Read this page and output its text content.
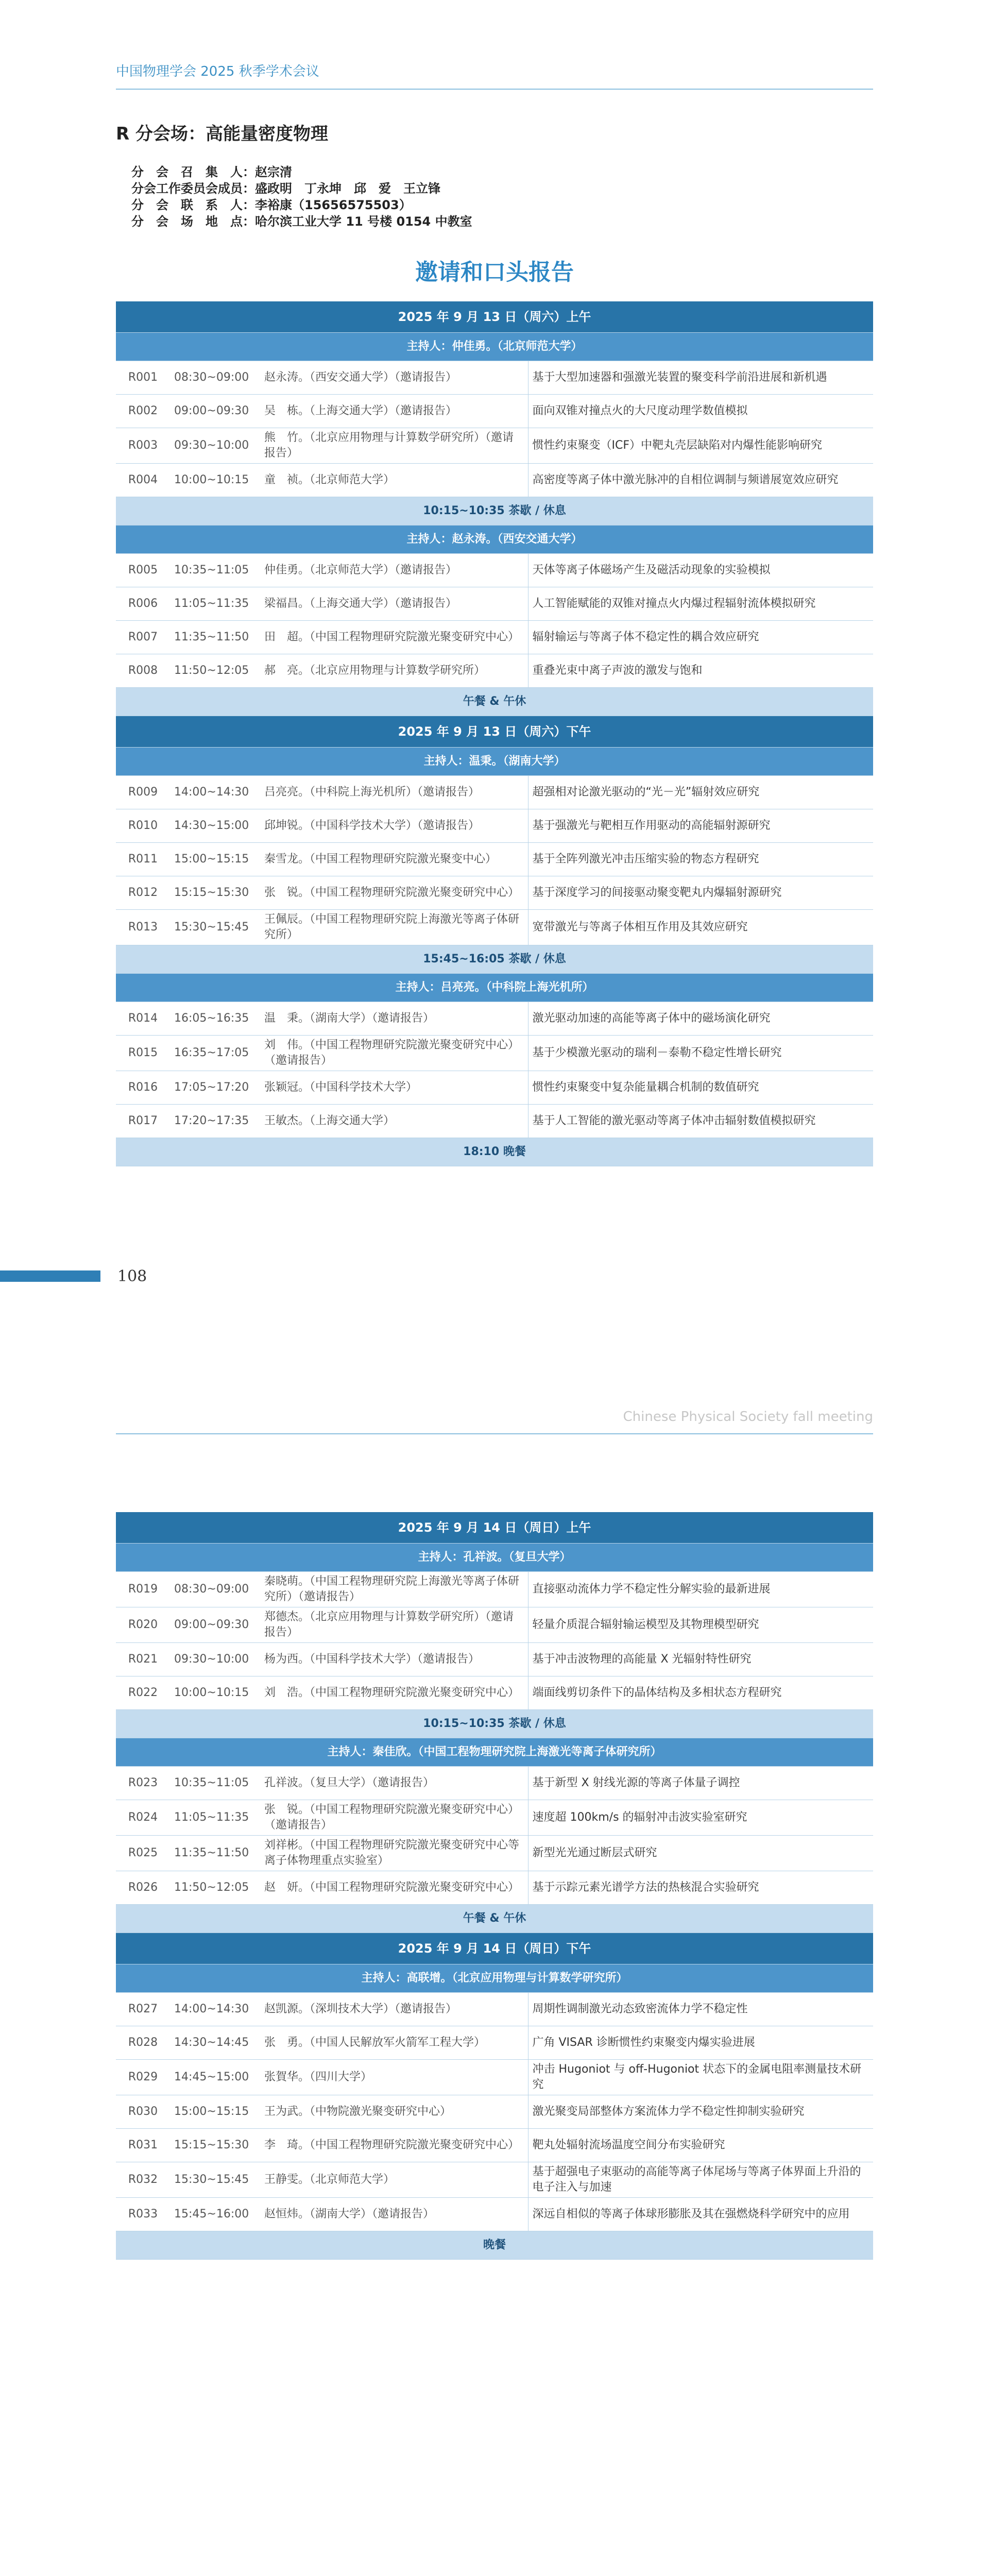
中国物理学会 2025 秋季学术会议
R 分会场：高能量密度物理
分　会　召　集　人：赵宗清
分会工作委员会成员：盛政明　丁永坤　邱　爱　王立锋
分　会　联　系　人：李裕康（15656575503）
分　会　场　地　点：哈尔滨工业大学 11 号楼 0154 中教室
邀请和口头报告
2025 年 9 月 13 日（周六）上午			
主持人：仲佳勇。（北京师范大学）			
R001	08:30~09:00	赵永涛。（西安交通大学）（邀请报告）	基于大型加速器和强激光装置的聚变科学前沿进展和新机遇
R002	09:00~09:30	吴　栋。（上海交通大学）（邀请报告）	面向双锥对撞点火的大尺度动理学数值模拟
R003	09:30~10:00	熊　竹。（北京应用物理与计算数学研究所）（邀请报告）	惯性约束聚变（ICF）中靶丸壳层缺陷对内爆性能影响研究
R004	10:00~10:15	童　祯。（北京师范大学）	高密度等离子体中激光脉冲的自相位调制与频谱展宽效应研究
10:15~10:35 茶歇 / 休息			
主持人：赵永涛。（西安交通大学）			
R005	10:35~11:05	仲佳勇。（北京师范大学）（邀请报告）	天体等离子体磁场产生及磁活动现象的实验模拟
R006	11:05~11:35	梁福昌。（上海交通大学）（邀请报告）	人工智能赋能的双锥对撞点火内爆过程辐射流体模拟研究
R007	11:35~11:50	田　超。（中国工程物理研究院激光聚变研究中心）	辐射输运与等离子体不稳定性的耦合效应研究
R008	11:50~12:05	郝　亮。（北京应用物理与计算数学研究所）	重叠光束中离子声波的激发与饱和
午餐 & 午休			
2025 年 9 月 13 日（周六）下午			
主持人：温秉。（湖南大学）			
R009	14:00~14:30	吕亮亮。（中科院上海光机所）（邀请报告）	超强相对论激光驱动的“光－光”辐射效应研究
R010	14:30~15:00	邱坤锐。（中国科学技术大学）（邀请报告）	基于强激光与靶相互作用驱动的高能辐射源研究
R011	15:00~15:15	秦雪龙。（中国工程物理研究院激光聚变中心）	基于全阵列激光冲击压缩实验的物态方程研究
R012	15:15~15:30	张　锐。（中国工程物理研究院激光聚变研究中心）	基于深度学习的间接驱动聚变靶丸内爆辐射源研究
R013	15:30~15:45	王佩辰。（中国工程物理研究院上海激光等离子体研究所）	宽带激光与等离子体相互作用及其效应研究
15:45~16:05 茶歇 / 休息			
主持人：吕亮亮。（中科院上海光机所）			
R014	16:05~16:35	温　秉。（湖南大学）（邀请报告）	激光驱动加速的高能等离子体中的磁场演化研究
R015	16:35~17:05	刘　伟。（中国工程物理研究院激光聚变研究中心）（邀请报告）	基于少模激光驱动的瑞利－泰勒不稳定性增长研究
R016	17:05~17:20	张颖冠。（中国科学技术大学）	惯性约束聚变中复杂能量耦合机制的数值研究
R017	17:20~17:35	王敏杰。（上海交通大学）	基于人工智能的激光驱动等离子体冲击辐射数值模拟研究
18:10 晚餐			
108
Chinese Physical Society fall meeting
2025 年 9 月 14 日（周日）上午			
主持人：孔祥波。（复旦大学）			
R019	08:30~09:00	秦晓萌。（中国工程物理研究院上海激光等离子体研究所）（邀请报告）	直接驱动流体力学不稳定性分解实验的最新进展
R020	09:00~09:30	郑德杰。（北京应用物理与计算数学研究所）（邀请报告）	轻量介质混合辐射输运模型及其物理模型研究
R021	09:30~10:00	杨为西。（中国科学技术大学）（邀请报告）	基于冲击波物理的高能量 X 光辐射特性研究
R022	10:00~10:15	刘　浩。（中国工程物理研究院激光聚变研究中心）	端面线剪切条件下的晶体结构及多相状态方程研究
10:15~10:35 茶歇 / 休息			
主持人：秦佳欣。（中国工程物理研究院上海激光等离子体研究所）			
R023	10:35~11:05	孔祥波。（复旦大学）（邀请报告）	基于新型 X 射线光源的等离子体量子调控
R024	11:05~11:35	张　锐。（中国工程物理研究院激光聚变研究中心）（邀请报告）	速度超 100km/s 的辐射冲击波实验室研究
R025	11:35~11:50	刘祥彬。（中国工程物理研究院激光聚变研究中心等离子体物理重点实验室）	新型光光通过断层式研究
R026	11:50~12:05	赵　妍。（中国工程物理研究院激光聚变研究中心）	基于示踪元素光谱学方法的热核混合实验研究
午餐 & 午休			
2025 年 9 月 14 日（周日）下午			
主持人：高联增。（北京应用物理与计算数学研究所）			
R027	14:00~14:30	赵凯源。（深圳技术大学）（邀请报告）	周期性调制激光动态致密流体力学不稳定性
R028	14:30~14:45	张　勇。（中国人民解放军火箭军工程大学）	广角 VISAR 诊断惯性约束聚变内爆实验进展
R029	14:45~15:00	张賀华。（四川大学）	冲击 Hugoniot 与 off-Hugoniot 状态下的金属电阻率测量技术研究
R030	15:00~15:15	王为武。（中物院激光聚变研究中心）	激光聚变局部整体方案流体力学不稳定性抑制实验研究
R031	15:15~15:30	李　琦。（中国工程物理研究院激光聚变研究中心）	靶丸处辐射流场温度空间分布实验研究
R032	15:30~15:45	王静雯。（北京师范大学）	基于超强电子束驱动的高能等离子体尾场与等离子体界面上升沿的电子注入与加速
R033	15:45~16:00	赵恒炜。（湖南大学）（邀请报告）	深远自相似的等离子体球形膨胀及其在强燃烧科学研究中的应用
晚餐			
